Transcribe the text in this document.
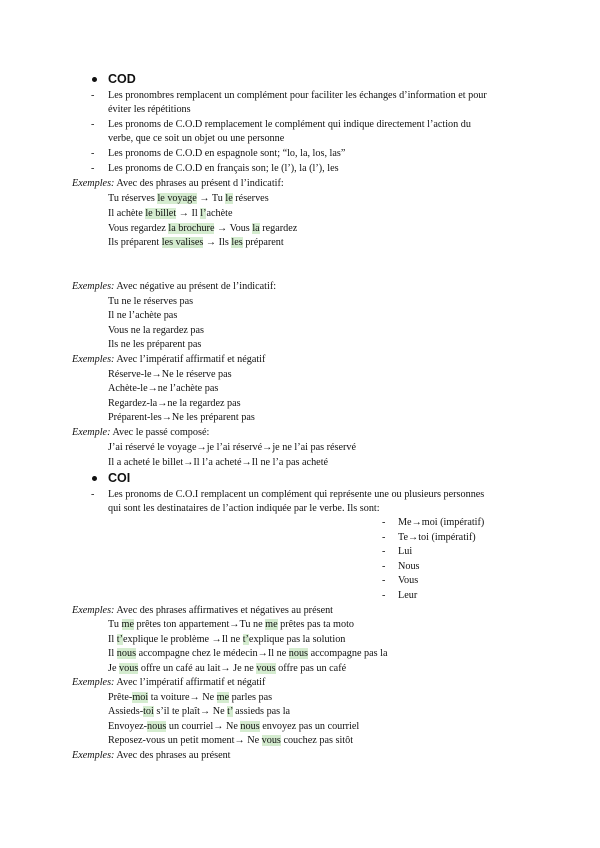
COD
- Les pronombres remplacent un complément pour faciliter les échanges d’information et pour
éviter les répétitions
- Les pronoms de C.O.D remplacement le complément qui indique directement l’action du
verbe, que ce soit un objet ou une personne
- Les pronoms de C.O.D en espagnole sont; “lo, la, los, las”
- Les pronoms de C.O.D en français son; le (l’), la (l’), les
Exemples: Avec des phrases au présent d l’indicatif:
Tu réserves le voyage → Tu le réserves
Il achète le billet → Il l’achète
Vous regardez la brochure → Vous la regardez
Ils préparent les valises → Ils les préparent
Exemples: Avec négative au présent de l’indicatif:
Tu ne le réserves pas
Il ne l’achète pas
Vous ne la regardez pas
Ils ne les préparent pas
Exemples: Avec l’impératif affirmatif et négatif
Réserve-le→Ne le réserve pas
Achète-le→ne l’achète pas
Regardez-la→ne la regardez pas
Préparent-les→Ne les préparent pas
Exemple: Avec le passé composé:
J’ai réservé le voyage→je l’ai réservé→je ne l’ai pas réservé
Il a acheté le billet→Il l’a acheté→Il ne l’a pas acheté
COI
- Les pronoms de C.O.I remplacent un complément qui représente une ou plusieurs personnes
qui sont les destinataires de l’action indiquée par le verbe. Ils sont:
- Me→moi (impératif)
- Te→toi (impératif)
- Lui
- Nous
- Vous
- Leur
Exemples: Avec des phrases affirmatives et négatives au présent
Tu me prêtes ton appartement→Tu ne me prêtes pas ta moto
Il t’explique le problème →Il ne t’explique pas la solution
Il nous accompagne chez le médecin→Il ne nous accompagne pas la
Je vous offre un café au lait→ Je ne vous offre pas un café
Exemples: Avec l’impératif affirmatif et négatif
Prête-moi ta voiture→ Ne me parles pas
Assieds-toi s’il te plaît→ Ne t’ assieds pas la
Envoyez-nous un courriel→ Ne nous envoyez pas un courriel
Reposez-vous un petit moment→ Ne vous couchez pas sitôt
Exemples: Avec des phrases au présent
